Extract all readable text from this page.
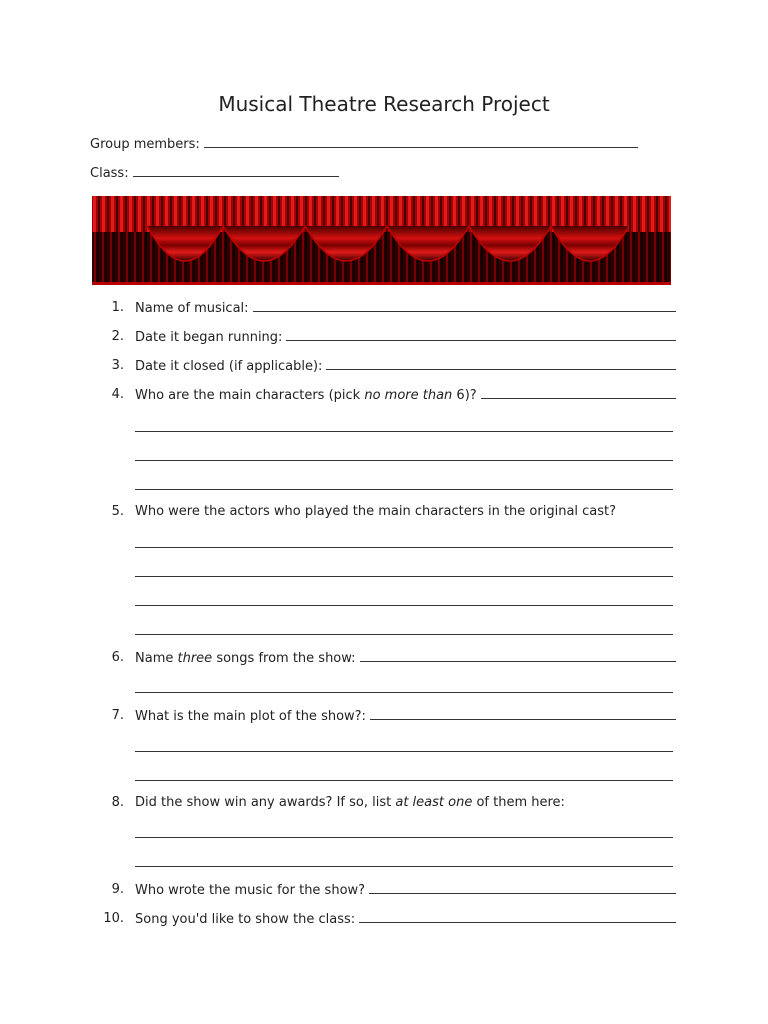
Musical Theatre Research Project
Group members:
Class:
1. Name of musical:
2. Date it began running:
3. Date it closed (if applicable):
4. Who are the main characters (pick no more than 6)?
5. Who were the actors who played the main characters in the original cast?
6. Name three songs from the show:
7. What is the main plot of the show?:
8. Did the show win any awards? If so, list at least one of them here:
9. Who wrote the music for the show?
10. Song you'd like to show the class:
